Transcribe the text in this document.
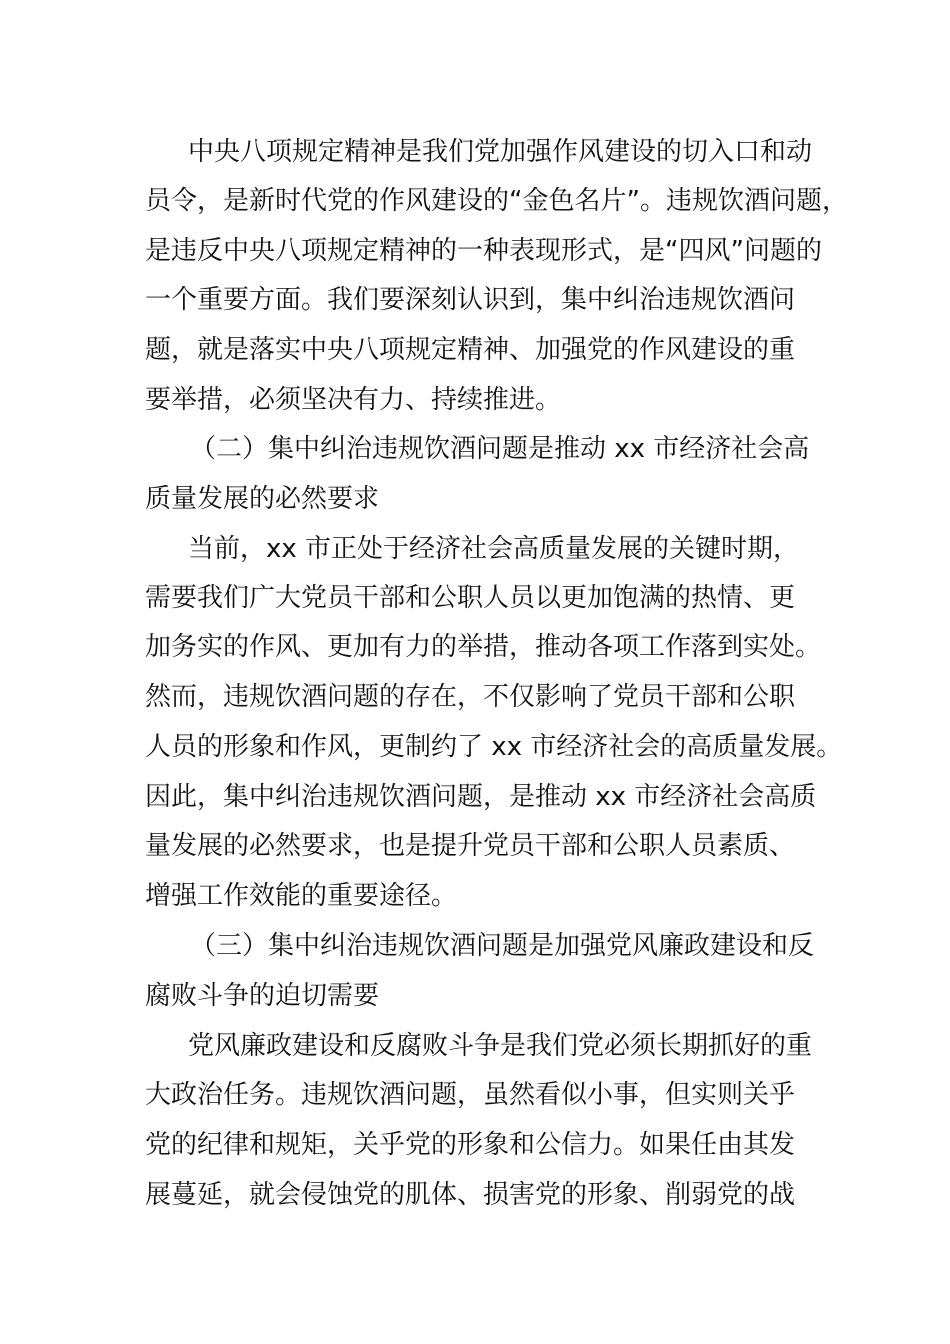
中央八项规定精神是我们党加强作风建设的切入口和动
员令，是新时代党的作风建设的“金色名片”。违规饮酒问题，
是违反中央八项规定精神的一种表现形式，是“四风”问题的
一个重要方面。我们要深刻认识到，集中纠治违规饮酒问
题，就是落实中央八项规定精神、加强党的作风建设的重
要举措，必须坚决有力、持续推进。
（二）集中纠治违规饮酒问题是推动 xx 市经济社会高
质量发展的必然要求
当前，xx 市正处于经济社会高质量发展的关键时期，
需要我们广大党员干部和公职人员以更加饱满的热情、更
加务实的作风、更加有力的举措，推动各项工作落到实处。
然而，违规饮酒问题的存在，不仅影响了党员干部和公职
人员的形象和作风，更制约了 xx 市经济社会的高质量发展。
因此，集中纠治违规饮酒问题，是推动 xx 市经济社会高质
量发展的必然要求，也是提升党员干部和公职人员素质、
增强工作效能的重要途径。
（三）集中纠治违规饮酒问题是加强党风廉政建设和反
腐败斗争的迫切需要
党风廉政建设和反腐败斗争是我们党必须长期抓好的重
大政治任务。违规饮酒问题，虽然看似小事，但实则关乎
党的纪律和规矩，关乎党的形象和公信力。如果任由其发
展蔓延，就会侵蚀党的肌体、损害党的形象、削弱党的战
